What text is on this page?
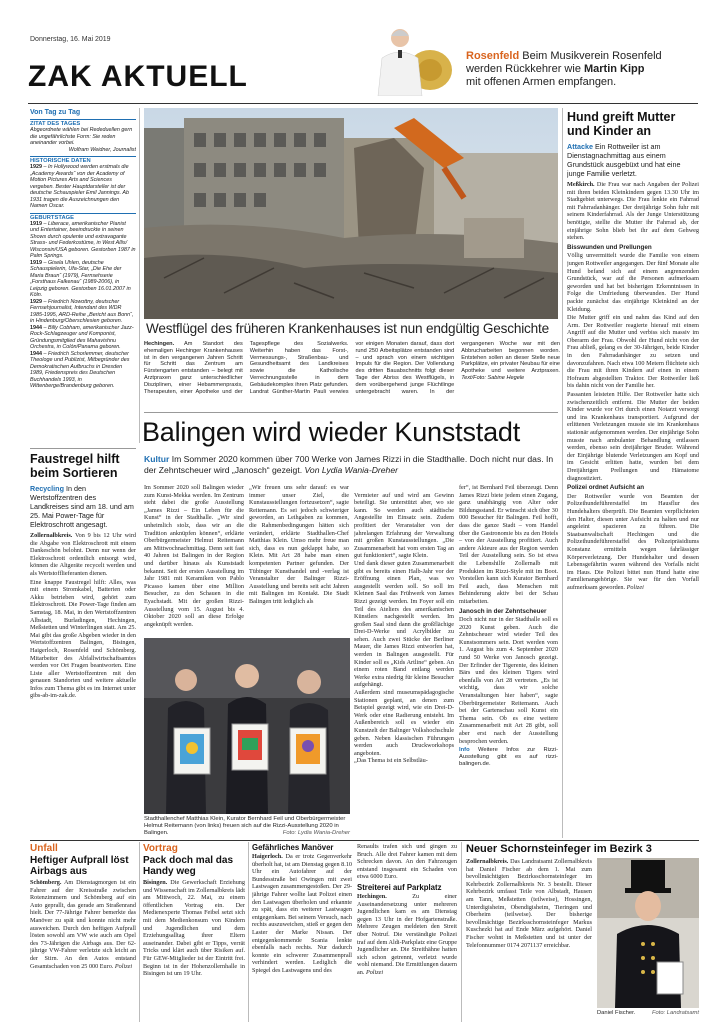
Donnerstag, 16. Mai 2019
ZAK AKTUELL
Rosenfeld Beim Musikverein Rosenfeld
werden Rückkehrer wie Martin Kipp
mit offenen Armen empfangen.
Von Tag zu Tag
ZITAT DES TAGES
Abgeordnete wählen bei Rededuellen gern die ungefährlichste Form: Sie reden aneinander vorbei.
Wolfram Weidner, Journalist
HISTORISCHE DATEN
1929 – In Hollywood werden erstmals die „Academy Awards“ von der Academy of Motion Pictures Arts and Sciences vergeben. Bester Hauptdarsteller ist der deutsche Schauspieler Emil Jannings. Ab 1931 tragen die Auszeichnungen den Namen Oscar.
GEBURTSTAGE
1919 – Liberace, amerikanischer Pianist und Entertainer, beeindruckte in seinen Shows durch opulente und extravagante Strass- und Federkostüme, in West Allis/ Wisconsin/USA geboren. Gestorben 1987 in Palm Springs.
1919 – Gisela Uhlen, deutsche Schauspielerin, Ufa-Star, „Die Ehe der Maria Braun“ (1979), Fernsehserie „Forsthaus Falkenau“ (1989-2006), in Leipzig geboren. Gestorben 16.01.2007 in Köln.
1929 – Friedrich Nowottny, deutscher Fernsehjournalist, Intendant des WDR 1985-1995, ARD-Reihe „Bericht aus Bonn“, in Hindenburg/Oberschlesien geboren.
1944 – Billy Cobham, amerikanischer Jazz-Rock-Schlagzeuger und Komponist, Gründungsmitglied des Mahavishnu Orchestra, in Colón/Panama geboren.
1944 – Friedrich Schorlemmer, deutscher Theologe und Publizist, Mitbegründer des Demokratischen Aufbruchs in Dresden 1989, Friedenspreis des Deutschen Buchhandels 1993, in Wittenberge/Brandenburg geboren.
Westflügel des früheren Krankenhauses ist nun endgültig Geschichte
Hechingen. Am Standort des ehemaligen Hechinger Krankenhauses ist in den vergangenen Jahren Schritt für Schritt das Zentrum am Fürstengarten entstanden – belegt mit Arztpraxen ganz unterschiedlicher Disziplinen, einer Hebammenpraxis, Therapeuten, einer Apotheke und der Tagespflege des Sozialwerks. Weiterhin haben das Forst-, Vermessungs-, Straßenbau- und Gesundheitsamt des Landkreises sowie die Katholische Verrechnungsstelle in dem Gebäudekomplex ihren Platz gefunden. Landrat Günther-Martin Pauli verwies vor einigen Monaten darauf, dass dort rund 250 Arbeitsplätze entstanden sind – und sprach von einem wichtigen Impuls für die Region. Der Vollendung des dritten Bauabschnitts folgt dieser Tage der Abriss des Westflügels, in dem vorübergehend junge Flüchtlinge untergebracht waren. In der vergangenen Woche war mit den Abbrucharbeiten begonnen worden. Entstehen sollen an dieser Stelle neue Parkplätze, ein privater Neubau für eine Apotheke und weitere Arztpraxen. Text/Foto: Sabine Hegele
Hund greift Mutter und Kinder an
Attacke Ein Rottweiler ist am Dienstagnachmittag aus einem Grundstück ausgebüxt und hat eine junge Familie verletzt.

Meßkirch. Die Frau war nach Angaben der Polizei mit ihren beiden Kleinkindern gegen 13.30 Uhr im Stadtgebiet unterwegs. Die Frau lenkte ein Fahrrad mit Fahrradanhänger. Der dreijährige Sohn fuhr mit seinem Kinderfahrrad. Als der Junge Unterstützung benötigte, stellte die Mutter ihr Fahrrad ab, der einjährige Sohn blieb bei ihr auf dem Gehweg stehen.

Bisswunden und Prellungen

Völlig unvermittelt wurde die Familie von einem jungen Rottweiler angegangen. Der fünf Monate alte Hund befand sich auf einem angrenzenden Grundstück, war auf die Personen aufmerksam geworden und hat bei bisherigen Erkenntnissen in Folge die Umfriedung überwunden. Der Hund packte zunächst das einjährige Kleinkind an der Kleidung.

Die Mutter griff ein und nahm das Kind auf den Arm. Der Rottweiler reagierte hierauf mit einem Angriff auf die Mutter und verbiss sich massiv im Oberarm der Frau. Obwohl der Hund nicht von der Frau abließ, gelang es der 30-Jährigen, beide Kinder in den Fahrradanhänger zu setzen und davonzufahren. Nach etwa 100 Metern flüchtete sich die Frau mit ihren Kindern auf einen in einem Hofraum abgestellten Traktor. Der Rottweiler ließ bis dahin nicht von der Familie her.

Passanten leisteten Hilfe. Der Rottweiler hatte sich zwischenzeitlich entfernt. Die Mutter der beiden Kinder wurde vor Ort durch einen Notarzt versorgt und ins Krankenhaus transportiert. Aufgrund der erlittenen Verletzungen musste sie im Krankenhaus stationär aufgenommen werden. Der einjährige Sohn musste nach ambulanter Behandlung entlassen werden, ebenso sein dreijähriger Bruder. Während der Einjährige blutende Verletzungen am Kopf und im Gesicht erlitten hatte, wurden bei dem Dreijährigen Prellungen und Hämatome diagnostiziert.

Polizei ordnet Aufsicht an

Der Rottweiler wurde von Beamten der Polizeihundeführerstaffel im Hausflur des Hundehalters überprüft. Die Beamten verpflichteten den Halter, diesen unter Aufsicht zu halten und nur angeleint spazieren zu führen. Die Staatsanwaltschaft Hechingen und die Polizeihundeführerstaffel des Polizeipräsidiums Konstanz ermitteln wegen fahrlässiger Körperverletzung. Der Hundehalter und dessen Lebensgefährtin waren während des Vorfalls nicht im Haus. Die Polizei bittet nun Hund hatte eine Familienangehörige. Sie war für den Vorfall aufmerksam geworden. Polizei

Balingen wird wieder Kunststadt
Kultur Im Sommer 2020 kommen über 700 Werke von James Rizzi in die Stadthalle. Doch nicht nur das. In der Zehntscheuer wird „Janosch“ gezeigt. Von Lydia Wania-Dreher
Faustregel hilft beim Sortieren
Recycling In den Wertstoffzentren des Landkreises sind am 18. und am 25. Mai Power-Tage für Elektroschrott angesagt.

Zollernalbkreis. Von 9 bis 12 Uhr wird die Abgabe von Elektroschrott mit einem Dankeschön belohnt. Denn nur wenn der Elektroschrott ordentlich entsorgt wird, können die Altgeräte recycelt werden und als Wertstofflieferanten dienen.

Eine knappe Faustregel hilft: Alles, was mit einem Stromkabel, Batterien oder Akku betrieben wird, gehört zum Elektroschrott. Die Power-Tage finden am Samstag, 18. Mai, in den Wertstoffzentren Albstadt, Burladingen, Hechingen, Meßstetten und Winterlingen statt. Am 25. Mai gibt das große Abgeben wieder in den Wertstoffzentren Balingen, Bisingen, Haigerloch, Rosenfeld und Schömberg. Mitarbeiter des Abfallwirtschaftsamtes werden vor Ort Fragen beantworten. Eine Liste aller Wertstoffzentren mit den genauen Standorten und weitere aktuelle Infos zum Thema gibt es im Internet unter gibs-ab-im-zak.de.

Im Sommer 2020 soll Balingen wieder zum Kunst-Mekka werden. Im Zentrum steht dabei die große Ausstellung „James Rizzi – Ein Leben für die Kunst“ in der Stadthalle. „Wir sind unheimlich stolz, dass wir an die Tradition anknüpfen können“, erklärte Oberbürgermeister Helmut Reitemann am Mittwochnachmittag. Denn seit fast 40 Jahren ist Balingen in der Region und darüber hinaus als Kunststadt bekannt. Seit der ersten Ausstellung im Jahr 1981 mit Keramiken von Pablo Picasso kamen über eine Million Besucher, zu den Schauen in die Eyachstadt. Mit der großen Rizzi-Ausstellung vom 15. August bis 4. Oktober 2020 soll an diese Erfolge angeknüpft werden.

„Wir freuen uns sehr darauf: es war immer unser Ziel, die Kunstausstellungen fortzusetzen“, sagte Reitemann. Es sei jedoch schwieriger geworden, an Leihgaben zu kommen, die Rahmenbedingungen hätten sich verändert, erklärte Stadthallen-Chef Matthias Klein. Umso mehr freue man sich, dass es nun geklappt habe, so Klein. Mit Art 28 habe man einen kompetenten Partner gefunden. Der Tübinger Kunsthandel und -verlag ist Veranstalter der Balinger Rizzi-Ausstellung und bereits seit acht Jahren mit Balingen im Kontakt. Die Stadt Balingen tritt lediglich als

Vermieter auf und wird am Gewinn beteiligt. Sie unterstützt aber, wo sie kann. So werden auch städtische Angestellte im Einsatz sein. Zudem profitiert der Veranstalter von der jahrelangen Erfahrung der Verwaltung mit großen Kunstausstellungen. „Die Zusammenarbeit hat vom ersten Tag an gut funktioniert“, sagte Klein.
Und dank dieser guten Zusammenarbeit gibt es bereits einen Halb-Jahr vor der Eröffnung einen Plan, was wo ausgestellt werden soll. So soll im Kleinen Saal das Frühwerk von James Rizzi gezeigt werden. Im Foyer soll ein Teil des Ateliers des amerikanischen Künstlers nachgestellt werden. Im großen Saal sind dann die großflächige Drei-D-Werke und Acrylbilder zu sehen. Auch zwei Stücke der Berliner Mauer, die James Rizzi entworfen hat, werden in Balingen ausgestellt. Für Kinder soll es „Kids Artline“ geben. An einem roten Band entlang werden Werke extra niedrig für kleine Besucher aufgehängt.
Außerdem sind museumspädagogische Stationen geplant, an denen zum Beispiel gezeigt wird, wie ein Drei-D-Werk oder eine Radierung entsteht. Im Außenbereich soll es wieder ein Kunstzelt der Balinger Volkshochschule geben. Neben klassischen Führungen werden auch Druckworkshops angeboten.
„Das Thema ist ein Selbstläu-

fer“, ist Bernhard Feil überzeugt. Denn James Rizzi biete jedem einen Zugang, ganz unabhängig von Alter oder Bildungsstand. Er wünscht sich über 30 000 Besucher für Balingen. Feil hofft, dass die ganze Stadt – vom Handel über die Gastronomie bis zu den Hotels – von der Ausstellung profitiert. Auch andere Akteure aus der Region werden Teil der Ausstellung sein. So ist etwa die Lebenshilfe Zollernalb mit Produkten im Rizzi-Style mit im Boot. Vorstellen kann sich Kurator Bernhard Feil auch, dass Menschen mit Behinderung aktiv bei der Schau mitarbeiten.

Janosch in der Zehntscheuer

Doch nicht nur in der Stadthalle soll es 2020 Kunst geben. Auch die Zehntscheuer wird wieder Teil des Kunstsommers sein. Dort werden vom 1. August bis zum 4. September 2020 rund 50 Werke von Janosch gezeigt. Der Erfinder der Tigerente, des kleinen Bärs und des kleinen Tigers wird ebenfalls von Art 28 vertreten. „Es ist wichtig, dass wir solche Veranstaltungen hier haben“, sagte Oberbürgermeister Reitemann. Auch bei der Gartenschau soll Kunst ein Thema sein. Ob es eine weitere Zusammenarbeit mit Art 28 gibt, soll aber erst nach der Ausstellung besprochen werden.

Info Weitere Infos zur Rizzi-Ausstellung gibt es auf rizzi-balingen.de.

Stadthallenchef Matthias Klein, Kurator Bernhard Feil und Oberbürgermeister Helmut Reitemann (von links) freuen sich auf die Rizzi-Ausstellung 2020 in Balingen.	Foto: Lydia Wania-Dreher
Unfall
Heftiger Aufprall löst Airbags aus

Schömberg. Am Dienstagmorgen ist ein Fahrer auf der Kreisstraße zwischen Rotenzimmern und Schömberg auf ein Auto geprallt, das gerade am Straßenrand hielt. Der 77-Jährige Fahrer bemerkte das Manöver zu spät und konnte nicht mehr ausweichen. Durch den heftigen Aufprall lösten sowohl am VW wie auch am Opel des 73-Jährigen die Airbags aus. Der 62-jährige VW-Fahrer verletzte sich leicht an der Stirn. An den Autos entstand Gesamtschaden von 25 000 Euro. Polizei

Vortrag
Pack doch mal das Handy weg

Bisingen. Die Gewerkschaft Erziehung und Wissenschaft im Zollernalbkreis lädt am Mittwoch, 22. Mai, zu einem öffentlichen Vortrag ein. Der Medienexperte Thomas Feibel setzt sich mit dem Medienkonsum von Kindern und Jugendlichen und dem Erziehungsalltag ihrer Eltern auseinander. Dabei gibt er Tipps, verrät Tricks und klärt auch über Risiken auf. Für GEW-Mitglieder ist der Eintritt frei. Beginn ist in der Hohenzollernhalle in Bisingen ist um 19 Uhr.

Gefährliches Manöver

Haigerloch. Da er trotz Gegenverkehr überholt hat, ist am Dienstag gegen 8.10 Uhr ein Autofahrer auf der Bundesstraße bei Owingen mit zwei Lastwagen zusammengestoßen. Der 29-jährige Fahrer wollte laut Polizei einen den Lastwagen überholen und erkannte zu spät, dass ein weiterer Lastwagen entgegenkam. Bei seinem Versuch, nach rechts auszuweichen, stieß er gegen den Laster der Marke Nissan. Der entgegenkommende Scania lenkte ebenfalls nach rechts. Nur dadurch konnte ein schwerer Zusammenprall verhindert werden. Lediglich die Spiegel des Lastwagens und des

Renaults trafen sich und gingen zu Bruch. Alle drei Fahrer kamen mit dem Schrecken davon. An den Fahrzeugen entstand insgesamt ein Schaden von etwa 6000 Euro.

Streiterei auf Parkplatz

Hechingen. Zu einer Auseinandersetzung unter mehreren Jugendlichen kam es am Dienstag gegen 13 Uhr in der Hofgartenstraße. Mehrere Zeugen meldeten den Streit über Notruf. Die verständigte Polizei traf auf dem Aldi-Parkplatz eine Gruppe Jugendlicher an. Die Streithähne hatten sich schon getrennt, verletzt wurde wohl niemand. Die Ermittlungen dauern an. Polizei

Neuer Schornsteinfeger im Bezirk 3

Zollernalbkreis. Das Landratsamt Zollernalbkreis hat Daniel Fischer ab dem 1. Mai zum bevollmächtigten Bezirksschornsteinfeger im Kehrbezirk Zollernalbkreis Nr. 3 bestellt. Dieser Kehrbezirk umfasst Teile von Albstadt, Hausen am Tann, Meßstetten (teilweise), Hossingen, Unterdigisheim, Obendigisheim, Tieringen und Oberheim (teilweise). Der bisherige bevollmächtige Bezirksschornsteinfeger Markus Kuschezki hat auf Ende März aufgehört. Daniel Fischer wohnt in Meßstetten und ist unter der Telefonnummer 0174 2071137 erreichbar.

Daniel Fischer.	Foto: Landratsamt
